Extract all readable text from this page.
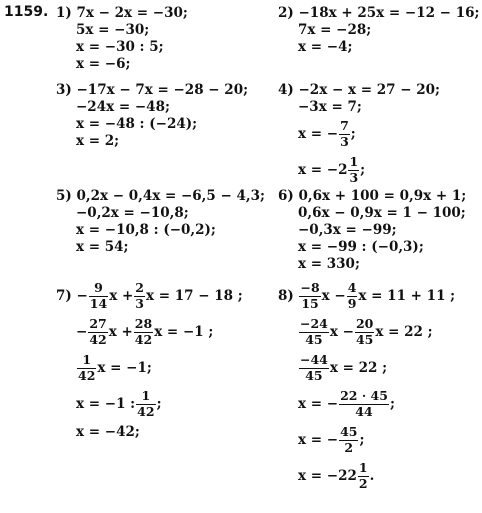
1159. 1) 7x − 2x = −30;
5x = −30;
x = −30 : 5;
x = −6;
2) −18x + 25x = −12 − 16;
7x = −28;
x = −4;
3) −17x − 7x = −28 − 20;
−24x = −48;
x = −48 : (−24);
x = 2;
4) −2x − x = 27 − 20;
−3x = 7;
x = − $\frac{7}{3}$ ;
$x = -2 \frac{1}{3}$ ;
5) 0,2x − 0,4x = −6,5 − 4,3;
−0,2x = −10,8;
x = −10,8 : (−0,2);
x = 54;
6) 0,6x + 100 = 0,9x + 1;
0,6x − 0,9x = 1 − 100;
−0,3x = −99;
x = −99 : (−0,3);
x = 330;
7)
− $\frac{9}{14}$ $x + \frac{2}{3}$ x = 17 − 18 ;
− $\frac{27}{42}$ $x + \frac{28}{42}$ x = −1 ;
$\frac{1}{42}$ x = −1;
x = −1 : $\frac{1}{42}$ ;
x = −42;
8)
$\frac{-8}{15}$ $x - \frac{4}{9}$ x = 11 + 11 ;
$\frac{-24}{45}$ $x - \frac{20}{45}$ x = 22 ;
$\frac{-44}{45}$ x = 22 ;
x = − $\frac{22 \cdot 45}{44}$ ;
x = − $\frac{45}{2}$ ;
$x = -22 \frac{1}{2}$ .
